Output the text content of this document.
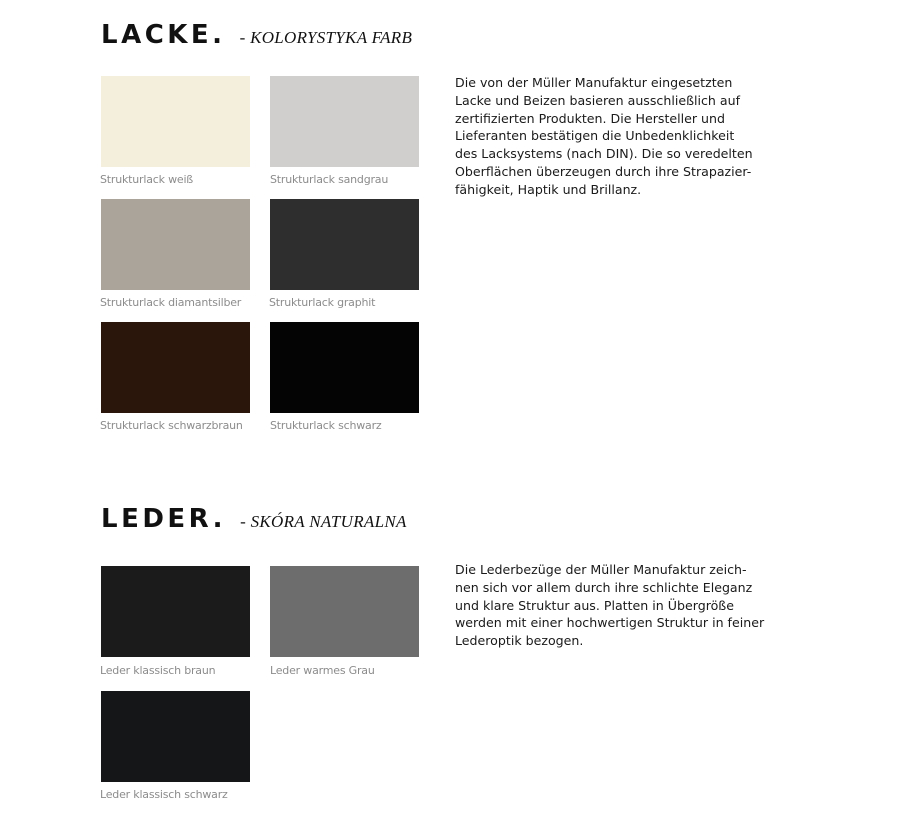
LACKE. - KOLORYSTYKA FARB
Strukturlack weiß	Strukturlack sandgrau
Strukturlack diamantsilber	Strukturlack graphit
Strukturlack schwarzbraun Strukturlack schwarz

Die von der Müller Manufaktur eingesetzten
Lacke und Beizen basieren ausschließlich auf
zertifizierten Produkten. Die Hersteller und
Lieferanten bestätigen die Unbedenklichkeit
des Lacksystems (nach DIN). Die so veredelten
Oberflächen überzeugen durch ihre Strapazier-
fähigkeit, Haptik und Brillanz.

LEDER. - SKÓRA NATURALNA
Leder klassisch braun	Leder warmes Grau
Leder klassisch schwarz

Die Lederbezüge der Müller Manufaktur zeich-
nen sich vor allem durch ihre schlichte Eleganz
und klare Struktur aus. Platten in Übergröße
werden mit einer hochwertigen Struktur in feiner
Lederoptik bezogen.
